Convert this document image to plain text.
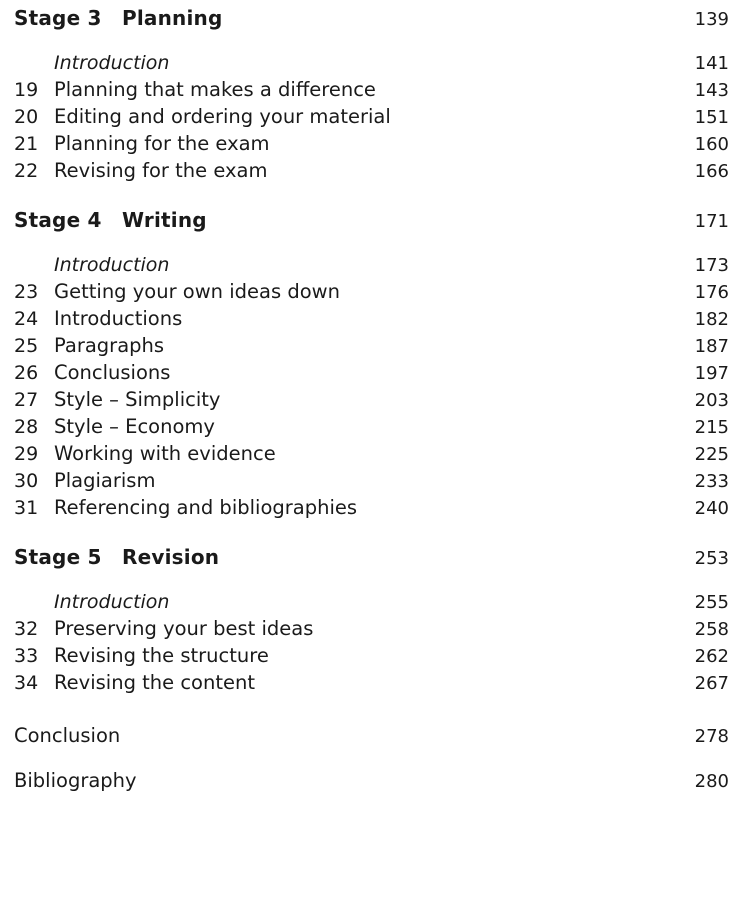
Stage 3	Planning	139
Introduction	141
19 Planning that makes a difference	143
20 Editing and ordering your material	151
21 Planning for the exam	160
22 Revising for the exam	166
Stage 4	Writing	171
Introduction	173
23 Getting your own ideas down	176
24 Introductions	182
25 Paragraphs	187
26 Conclusions	197
27 Style – Simplicity	203
28 Style – Economy	215
29 Working with evidence	225
30 Plagiarism	233
31 Referencing and bibliographies	240
Stage 5	Revision	253
Introduction	255
32 Preserving your best ideas	258
33 Revising the structure	262
34 Revising the content	267
Conclusion	278
Bibliography	280
